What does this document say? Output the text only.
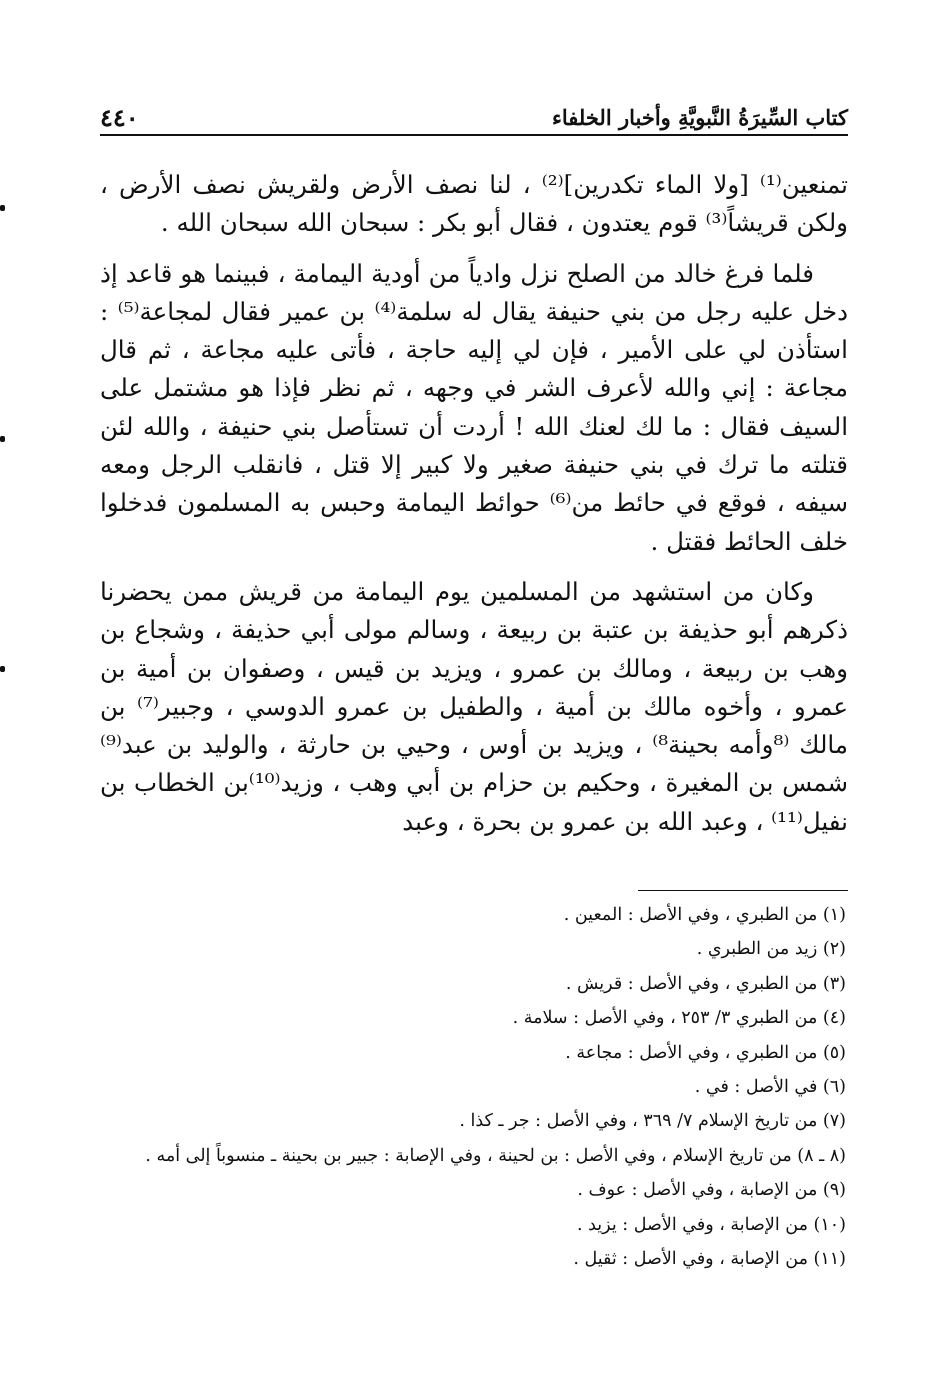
كتاب السِّيرَةُ النَّبويَّةِ وأخبار الخلفاء
٤٤٠

تمنعين⁽¹⁾ [ولا الماء تكدرين]⁽²⁾ ، لنا نصف الأرض ولقريش نصف الأرض ، ولكن قريشاً⁽³⁾ قوم يعتدون ، فقال أبو بكر : سبحان الله سبحان الله .

فلما فرغ خالد من الصلح نزل وادياً من أودية اليمامة ، فبينما هو قاعد إذ دخل عليه رجل من بني حنيفة يقال له سلمة⁽⁴⁾ بن عمير فقال لمجاعة⁽⁵⁾ : استأذن لي على الأمير ، فإن لي إليه حاجة ، فأتى عليه مجاعة ، ثم قال مجاعة : إني والله لأعرف الشر في وجهه ، ثم نظر فإذا هو مشتمل على السيف فقال : ما لك لعنك الله ! أردت أن تستأصل بني حنيفة ، والله لئن قتلته ما ترك في بني حنيفة صغير ولا كبير إلا قتل ، فانقلب الرجل ومعه سيفه ، فوقع في حائط من⁽⁶⁾ حوائط اليمامة وحبس به المسلمون فدخلوا خلف الحائط فقتل .

وكان من استشهد من المسلمين يوم اليمامة من قريش ممن يحضرنا ذكرهم أبو حذيفة بن عتبة بن ربيعة ، وسالم مولى أبي حذيفة ، وشجاع بن وهب بن ربيعة ، ومالك بن عمرو ، ويزيد بن قيس ، وصفوان بن أمية بن عمرو ، وأخوه مالك بن أمية ، والطفيل بن عمرو الدوسي ، وجبير⁽⁷⁾ بن مالك ⁽⁸وأمه بحينة⁸⁾ ، ويزيد بن أوس ، وحيي بن حارثة ، والوليد بن عبد⁽⁹⁾ شمس بن المغيرة ، وحكيم بن حزام بن أبي وهب ، وزيد⁽¹⁰⁾بن الخطاب بن نفيل⁽¹¹⁾ ، وعبد الله بن عمرو بن بحرة ، وعبد

(١) من الطبري ، وفي الأصل : المعين .
(٢) زيد من الطبري .
(٣) من الطبري ، وفي الأصل : قريش .
(٤) من الطبري ٣/ ٢٥٣ ، وفي الأصل : سلامة .
(٥) من الطبري ، وفي الأصل : مجاعة .
(٦) في الأصل : في .
(٧) من تاريخ الإسلام ٧/ ٣٦٩ ، وفي الأصل : جر ـ كذا .
(٨ ـ ٨) من تاريخ الإسلام ، وفي الأصل : بن لحينة ، وفي الإصابة : جبير بن بحينة ـ منسوباً إلى أمه .
(٩) من الإصابة ، وفي الأصل : عوف .
(١٠) من الإصابة ، وفي الأصل : يزيد .
(١١) من الإصابة ، وفي الأصل : ثقيل .
